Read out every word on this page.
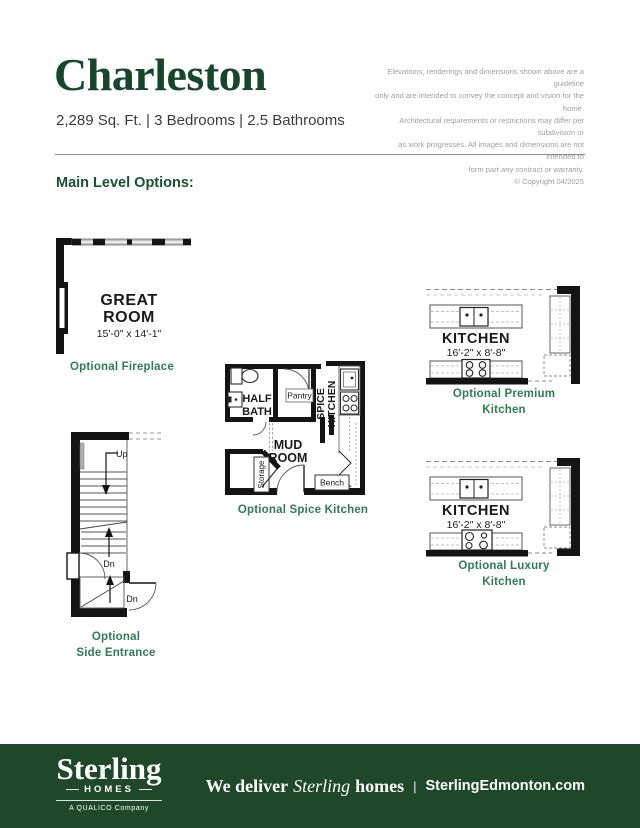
Charleston
2,289 Sq. Ft. | 3 Bedrooms | 2.5 Bathrooms
Elevations, renderings and dimensions shown above are a guideline
only and are intended to convey the concept and vision for the home.
Architectural requirements or restrictions may differ per subdivision or
as work progresses. All images and dimensions are not intended to
form part any contract or warranty.
© Copyright 04/2025
Main Level Options:
GREAT
ROOM
15'-0" x 14'-1"
Optional Fireplace
KITCHEN
16'-2" x 8'-8"
Optional Premium
Kitchen
HALF
BATH
Pantry SPICE KITCHEN
MUD
ROOM
Storage	Bench
Optional Spice Kitchen
Up
Dn
Dn
Optional
Side Entrance
KITCHEN
16'-2" x 8'-8"
Optional Luxury
Kitchen
Sterling
HOMES
A QUALICO Company
We deliver Sterling homes | SterlingEdmonton.com
